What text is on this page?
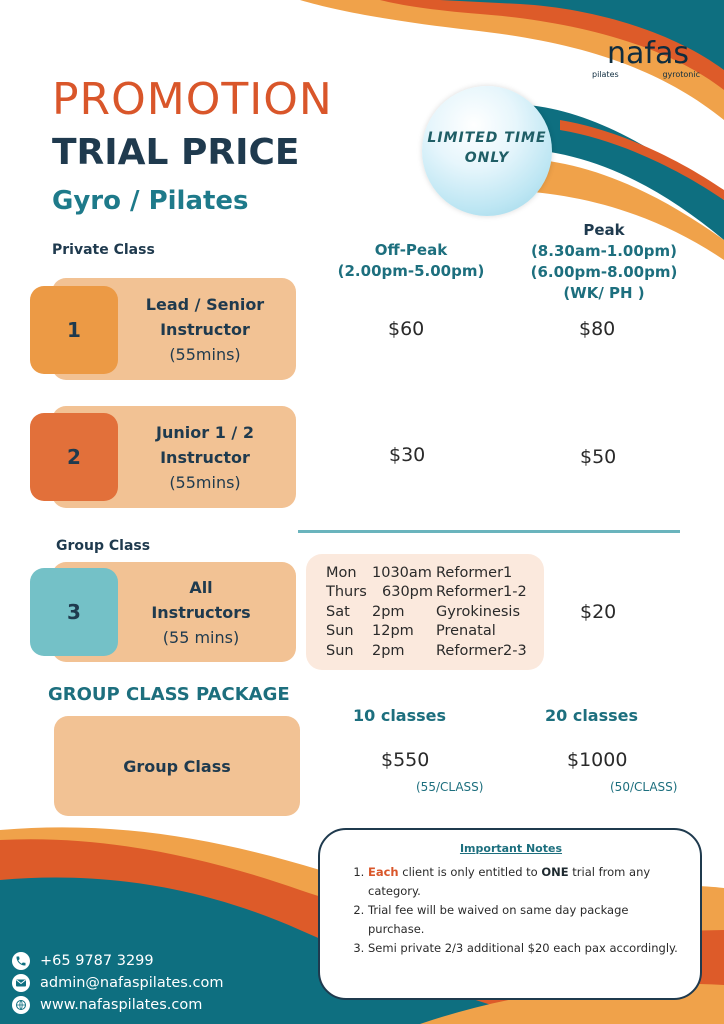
nafas
pilates	gyrotonic
PROMOTION
TRIAL PRICE
Gyro / Pilates
LIMITED TIME
ONLY
Private Class	Off-Peak
(2.00pm-5.00pm)
Peak
(8.30am-1.00pm)
(6.00pm-8.00pm)
(WK/ PH )
1
Lead / Senior
Instructor
(55mins)
$60	$80
2
Junior 1 / 2
Instructor
(55mins)
$30	$50
Group Class
3
All
Instructors
(55 mins)
Mon	1030am Reformer1
Thurs	630pm Reformer1-2
Sat	2pm	Gyrokinesis
Sun	12pm	Prenatal
Sun	2pm	Reformer2-3
$20
GROUP CLASS PACKAGE
Group Class
10 classes	20 classes
$550	$1000
(55/CLASS)	(50/CLASS)
Important Notes
1. Each client is only entitled to ONE trial from any category.
2. Trial fee will be waived on same day package purchase.
3. Semi private 2/3 additional $20 each pax accordingly.
+65 9787 3299
admin@nafaspilates.com
www.nafaspilates.com
